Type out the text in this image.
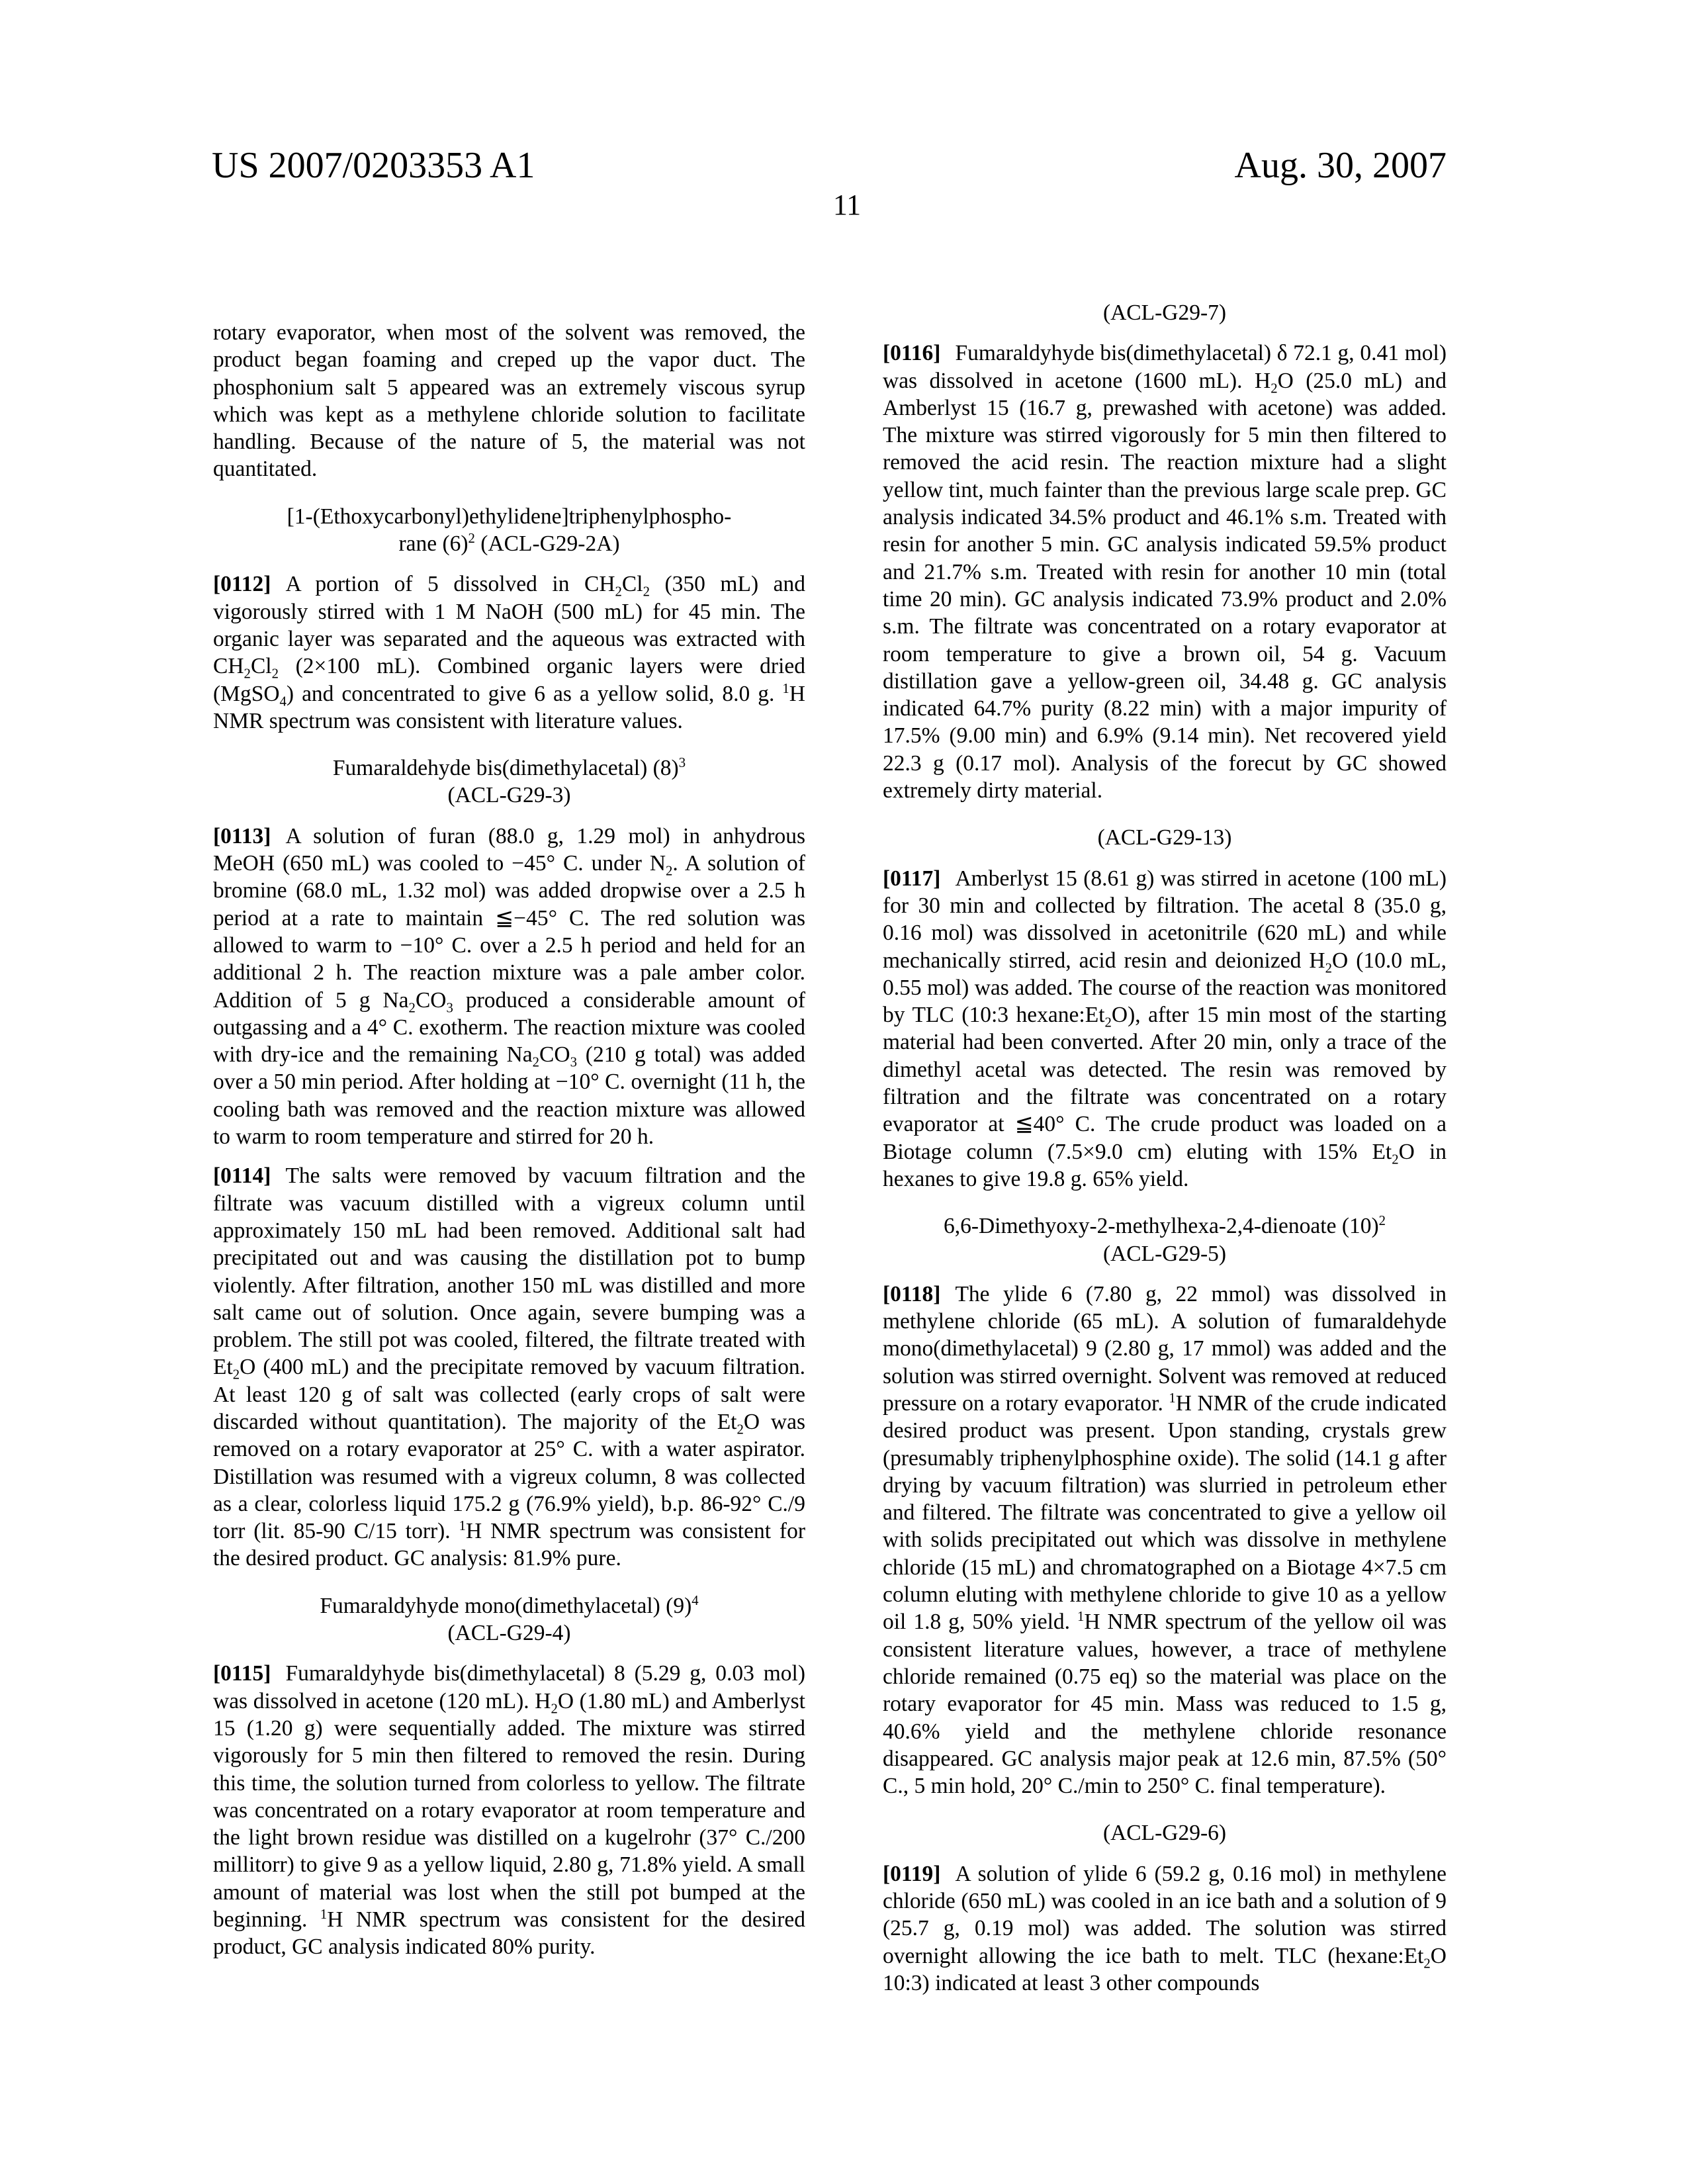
US 2007/0203353 A1	Aug. 30, 2007
11

rotary evaporator, when most of the solvent was removed, the product began foaming and creped up the vapor duct. The phosphonium salt 5 appeared was an extremely viscous syrup which was kept as a methylene chloride solution to facilitate handling. Because of the nature of 5, the material was not quantitated.

[1-(Ethoxycarbonyl)ethylidene]triphenylphospho-
rane (6)2 (ACL-G29-2A)

[0112] A portion of 5 dissolved in CH2Cl2 (350 mL) and vigorously stirred with 1 M NaOH (500 mL) for 45 min. The organic layer was separated and the aqueous was extracted with CH2Cl2 (2×100 mL). Combined organic layers were dried (MgSO4) and concentrated to give 6 as a yellow solid, 8.0 g. 1H NMR spectrum was consistent with literature values.

Fumaraldehyde bis(dimethylacetal) (8)3
(ACL-G29-3)

[0113] A solution of furan (88.0 g, 1.29 mol) in anhydrous MeOH (650 mL) was cooled to −45° C. under N2. A solution of bromine (68.0 mL, 1.32 mol) was added dropwise over a 2.5 h period at a rate to maintain ≦−45° C. The red solution was allowed to warm to −10° C. over a 2.5 h period and held for an additional 2 h. The reaction mixture was a pale amber color. Addition of 5 g Na2CO3 produced a considerable amount of outgassing and a 4° C. exotherm. The reaction mixture was cooled with dry-ice and the remaining Na2CO3 (210 g total) was added over a 50 min period. After holding at −10° C. overnight (11 h, the cooling bath was removed and the reaction mixture was allowed to warm to room temperature and stirred for 20 h.

[0114] The salts were removed by vacuum filtration and the filtrate was vacuum distilled with a vigreux column until approximately 150 mL had been removed. Additional salt had precipitated out and was causing the distillation pot to bump violently. After filtration, another 150 mL was distilled and more salt came out of solution. Once again, severe bumping was a problem. The still pot was cooled, filtered, the filtrate treated with Et2O (400 mL) and the precipitate removed by vacuum filtration. At least 120 g of salt was collected (early crops of salt were discarded without quantitation). The majority of the Et2O was removed on a rotary evaporator at 25° C. with a water aspirator. Distillation was resumed with a vigreux column, 8 was collected as a clear, colorless liquid 175.2 g (76.9% yield), b.p. 86-92° C./9 torr (lit. 85-90 C/15 torr). 1H NMR spectrum was consistent for the desired product. GC analysis: 81.9% pure.

Fumaraldyhyde mono(dimethylacetal) (9)4
(ACL-G29-4)

[0115] Fumaraldyhyde bis(dimethylacetal) 8 (5.29 g, 0.03 mol) was dissolved in acetone (120 mL). H2O (1.80 mL) and Amberlyst 15 (1.20 g) were sequentially added. The mixture was stirred vigorously for 5 min then filtered to removed the resin. During this time, the solution turned from colorless to yellow. The filtrate was concentrated on a rotary evaporator at room temperature and the light brown residue was distilled on a kugelrohr (37° C./200 millitorr) to give 9 as a yellow liquid, 2.80 g, 71.8% yield. A small amount of material was lost when the still pot bumped at the beginning. 1H NMR spectrum was consistent for the desired product, GC analysis indicated 80% purity.

(ACL-G29-7)

[0116] Fumaraldyhyde bis(dimethylacetal) δ 72.1 g, 0.41 mol) was dissolved in acetone (1600 mL). H2O (25.0 mL) and Amberlyst 15 (16.7 g, prewashed with acetone) was added. The mixture was stirred vigorously for 5 min then filtered to removed the acid resin. The reaction mixture had a slight yellow tint, much fainter than the previous large scale prep. GC analysis indicated 34.5% product and 46.1% s.m. Treated with resin for another 5 min. GC analysis indicated 59.5% product and 21.7% s.m. Treated with resin for another 10 min (total time 20 min). GC analysis indicated 73.9% product and 2.0% s.m. The filtrate was concentrated on a rotary evaporator at room temperature to give a brown oil, 54 g. Vacuum distillation gave a yellow-green oil, 34.48 g. GC analysis indicated 64.7% purity (8.22 min) with a major impurity of 17.5% (9.00 min) and 6.9% (9.14 min). Net recovered yield 22.3 g (0.17 mol). Analysis of the forecut by GC showed extremely dirty material.

(ACL-G29-13)

[0117] Amberlyst 15 (8.61 g) was stirred in acetone (100 mL) for 30 min and collected by filtration. The acetal 8 (35.0 g, 0.16 mol) was dissolved in acetonitrile (620 mL) and while mechanically stirred, acid resin and deionized H2O (10.0 mL, 0.55 mol) was added. The course of the reaction was monitored by TLC (10:3 hexane:Et2O), after 15 min most of the starting material had been converted. After 20 min, only a trace of the dimethyl acetal was detected. The resin was removed by filtration and the filtrate was concentrated on a rotary evaporator at ≦40° C. The crude product was loaded on a Biotage column (7.5×9.0 cm) eluting with 15% Et2O in hexanes to give 19.8 g. 65% yield.

6,6-Dimethyoxy-2-methylhexa-2,4-dienoate (10)2
(ACL-G29-5)

[0118] The ylide 6 (7.80 g, 22 mmol) was dissolved in methylene chloride (65 mL). A solution of fumaraldehyde mono(dimethylacetal) 9 (2.80 g, 17 mmol) was added and the solution was stirred overnight. Solvent was removed at reduced pressure on a rotary evaporator. 1H NMR of the crude indicated desired product was present. Upon standing, crystals grew (presumably triphenylphosphine oxide). The solid (14.1 g after drying by vacuum filtration) was slurried in petroleum ether and filtered. The filtrate was concentrated to give a yellow oil with solids precipitated out which was dissolve in methylene chloride (15 mL) and chromatographed on a Biotage 4×7.5 cm column eluting with methylene chloride to give 10 as a yellow oil 1.8 g, 50% yield. 1H NMR spectrum of the yellow oil was consistent literature values, however, a trace of methylene chloride remained (0.75 eq) so the material was place on the rotary evaporator for 45 min. Mass was reduced to 1.5 g, 40.6% yield and the methylene chloride resonance disappeared. GC analysis major peak at 12.6 min, 87.5% (50° C., 5 min hold, 20° C./min to 250° C. final temperature).

(ACL-G29-6)

[0119] A solution of ylide 6 (59.2 g, 0.16 mol) in methylene chloride (650 mL) was cooled in an ice bath and a solution of 9 (25.7 g, 0.19 mol) was added. The solution was stirred overnight allowing the ice bath to melt. TLC (hexane:Et2O 10:3) indicated at least 3 other compounds
